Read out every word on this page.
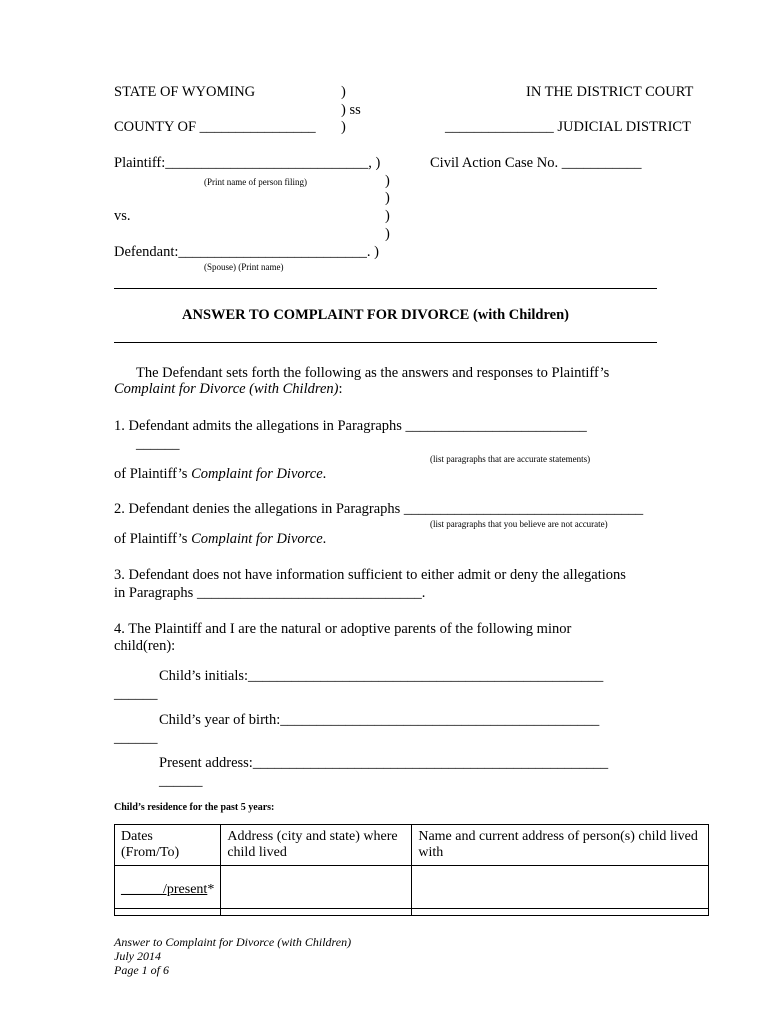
STATE OF WYOMING	)	IN THE DISTRICT COURT
) ss
COUNTY OF ________________ )	_______________ JUDICIAL DISTRICT
Plaintiff:____________________________, )	Civil Action Case No. ___________
(Print name of person filing)	)
)
vs.	)
)
Defendant:__________________________. )
(Spouse) (Print name)
ANSWER TO COMPLAINT FOR DIVORCE (with Children)
The Defendant sets forth the following as the answers and responses to Plaintiff’s
Complaint for Divorce (with Children):
1. Defendant admits the allegations in Paragraphs _________________________
______
(list paragraphs that are accurate statements)
of Plaintiff’s Complaint for Divorce.
2. Defendant denies the allegations in Paragraphs _________________________________
(list paragraphs that you believe are not accurate)
of Plaintiff’s Complaint for Divorce.
3. Defendant does not have information sufficient to either admit or deny the allegations
in Paragraphs _______________________________.
4. The Plaintiff and I are the natural or adoptive parents of the following minor
child(ren):
Child’s initials:_________________________________________________
______
Child’s year of birth:____________________________________________
______
Present address:_________________________________________________
______
Child’s residence for the past 5 years:
Dates
(From/To)	Address (city and state) where child lived	Name and current address of person(s) child lived with
______/present*		

Answer to Complaint for Divorce (with Children)
July 2014
Page 1 of 6
